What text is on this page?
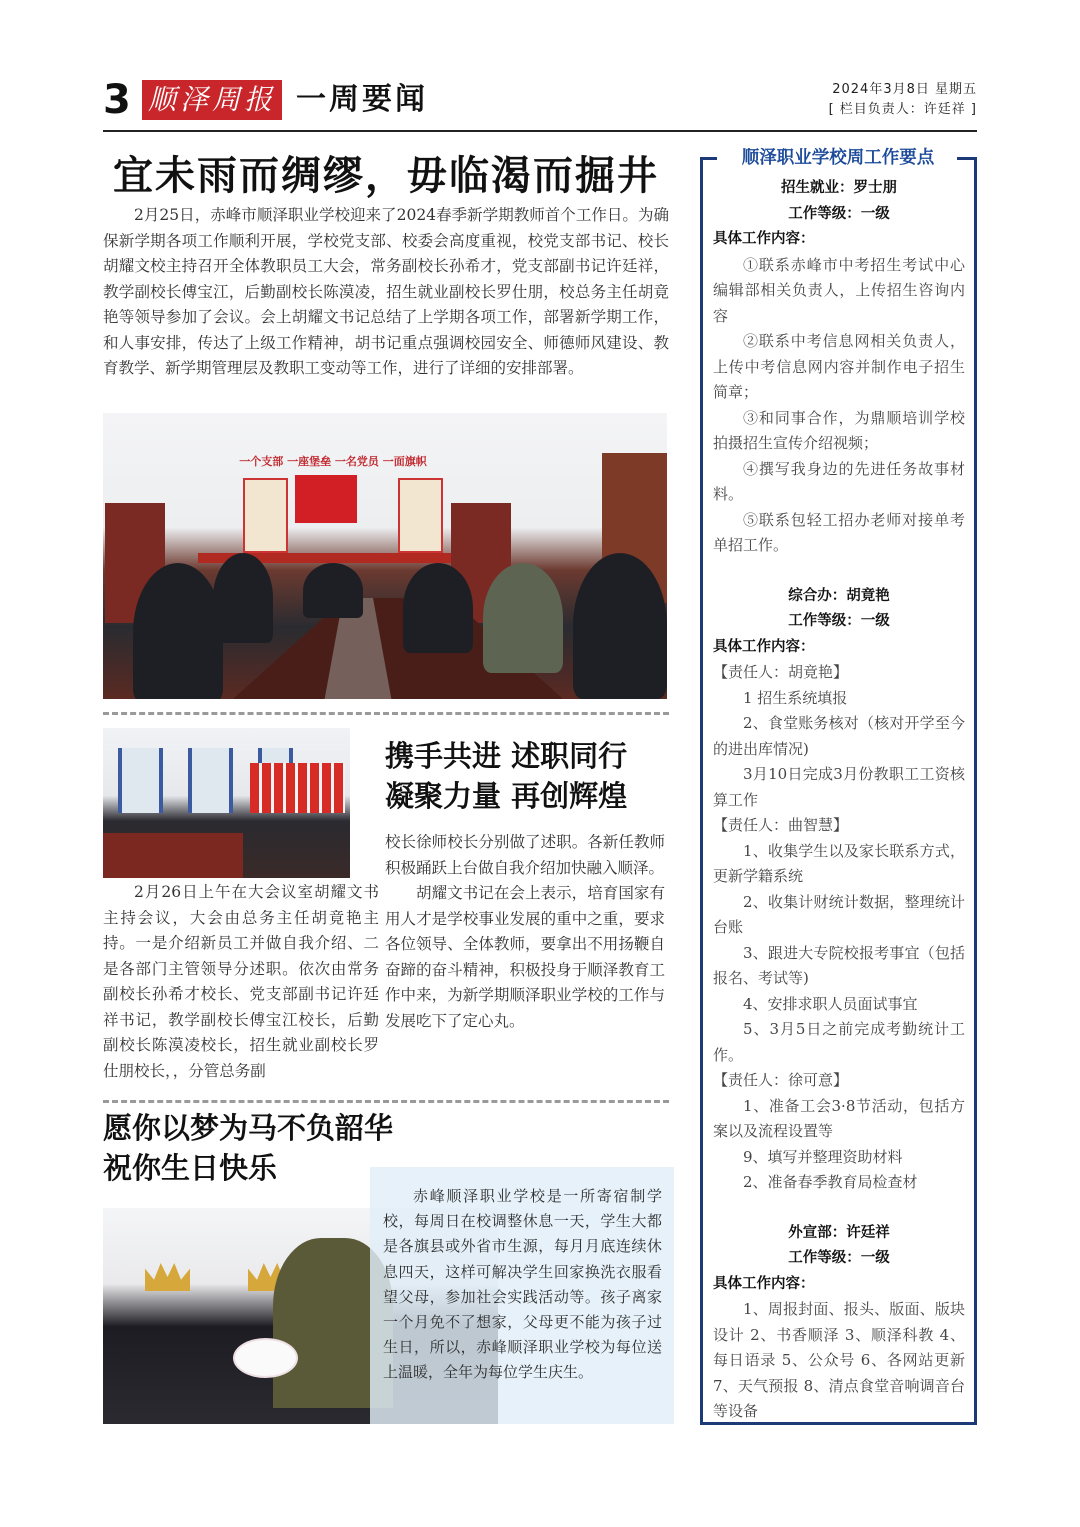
3 顺泽周报 一周要闻	2024年3月8日 星期五
[ 栏目负责人：许廷祥 ]
宜未雨而绸缪，毋临渴而掘井

2月25日，赤峰市顺泽职业学校迎来了2024春季新学期教师首个工作日。为确保新学期各项工作顺利开展，学校党支部、校委会高度重视，校党支部书记、校长胡耀文校主持召开全体教职员工大会，常务副校长孙希才，党支部副书记许廷祥，教学副校长傅宝江，后勤副校长陈漠凌，招生就业副校长罗仕朋，校总务主任胡竟艳等领导参加了会议。会上胡耀文书记总结了上学期各项工作，部署新学期工作，和人事安排，传达了上级工作精神，胡书记重点强调校园安全、师德师风建设、教育教学、新学期管理层及教职工变动等工作，进行了详细的安排部署。

一个支部 一座堡垒 一名党员 一面旗帜
携手共进 述职同行
凝聚力量 再创辉煌

2月26日上午在大会议室胡耀文书主持会议，大会由总务主任胡竟艳主持。一是介绍新员工并做自我介绍、二是各部门主管领导分述职。依次由常务副校长孙希才校长、党支部副书记许廷祥书记，教学副校长傅宝江校长，后勤副校长陈漠凌校长，招生就业副校长罗仕朋校长，，分管总务副

校长徐师校长分别做了述职。各新任教师积极踊跃上台做自我介绍加快融入顺泽。

胡耀文书记在会上表示，培育国家有用人才是学校事业发展的重中之重，要求各位领导、全体教师，要拿出不用扬鞭自奋蹄的奋斗精神，积极投身于顺泽教育工作中来，为新学期顺泽职业学校的工作与发展吃下了定心丸。

愿你以梦为马不负韶华
祝你生日快乐

赤峰顺泽职业学校是一所寄宿制学校，每周日在校调整休息一天，学生大都是各旗县或外省市生源，每月月底连续休息四天，这样可解决学生回家换洗衣服看望父母，参加社会实践活动等。孩子离家一个月免不了想家，父母更不能为孩子过生日，所以，赤峰顺泽职业学校为每位送上温暖，全年为每位学生庆生。

顺泽职业学校周工作要点
招生就业：罗士朋
工作等级：一级
具体工作内容：

①联系赤峰市中考招生考试中心编辑部相关负责人，上传招生咨询内容

②联系中考信息网相关负责人，上传中考信息网内容并制作电子招生简章；

③和同事合作，为鼎顺培训学校拍摄招生宣传介绍视频；

④撰写我身边的先进任务故事材料。

⑤联系包轻工招办老师对接单考单招工作。

综合办：胡竟艳
工作等级：一级
具体工作内容：

【责任人：胡竟艳】

1 招生系统填报

2、食堂账务核对（核对开学至今的进出库情况)

3月10日完成3月份教职工工资核算工作

【责任人：曲智慧】

1、收集学生以及家长联系方式，更新学籍系统

2、收集计财统计数据，整理统计台账

3、跟进大专院校报考事宜（包括报名、考试等)

4、安排求职人员面试事宜

5、3月5日之前完成考勤统计工作。

【责任人：徐可意】

1、准备工会3·8节活动，包括方案以及流程设置等

9、填写并整理资助材料

2、准备春季教育局检查材

外宣部：许廷祥
工作等级：一级
具体工作内容：

1、周报封面、报头、版面、版块设计 2、书香顺泽 3、顺泽科教 4、每日语录 5、公众号 6、各网站更新 7、天气预报 8、清点食堂音响调音台等设备
